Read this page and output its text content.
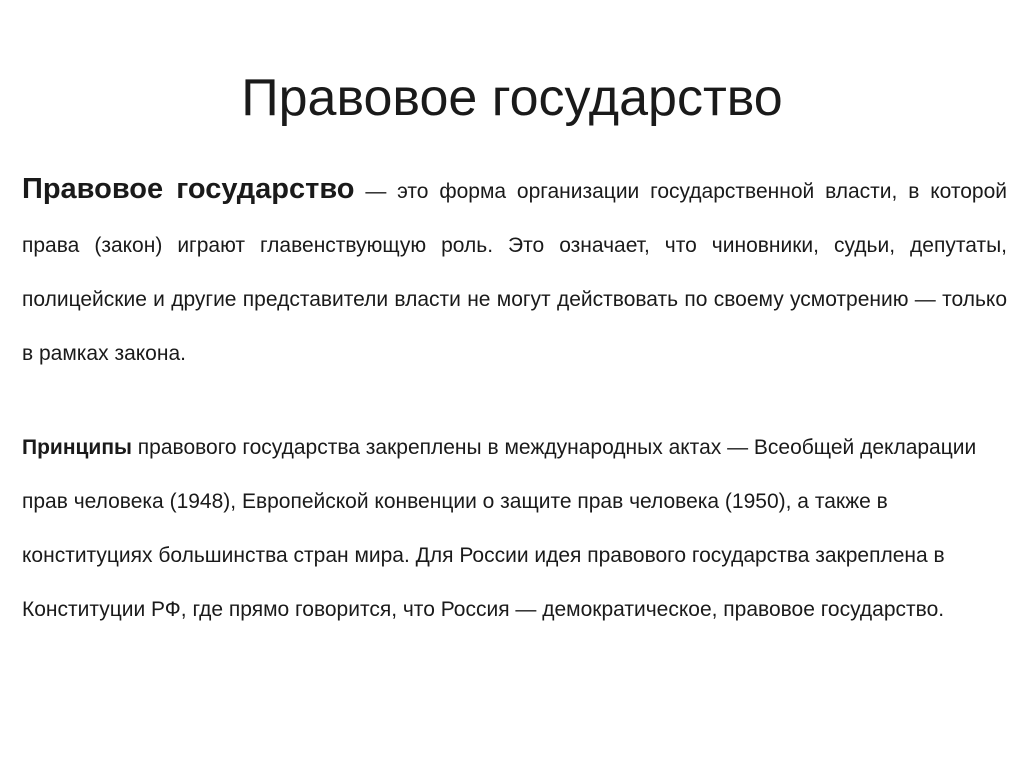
Правовое государство

Правовое государство — это форма организации государственной власти, в которой права (закон) играют главенствующую роль. Это означает, что чиновники, судьи, депутаты, полицейские и другие представители власти не могут действовать по своему усмотрению — только в рамках закона.

Принципы правового государства закреплены в международных актах — Всеобщей декларации прав человека (1948), Европейской конвенции о защите прав человека (1950), а также в конституциях большинства стран мира. Для России идея правового государства закреплена в Конституции РФ, где прямо говорится, что Россия — демократическое, правовое государство.
